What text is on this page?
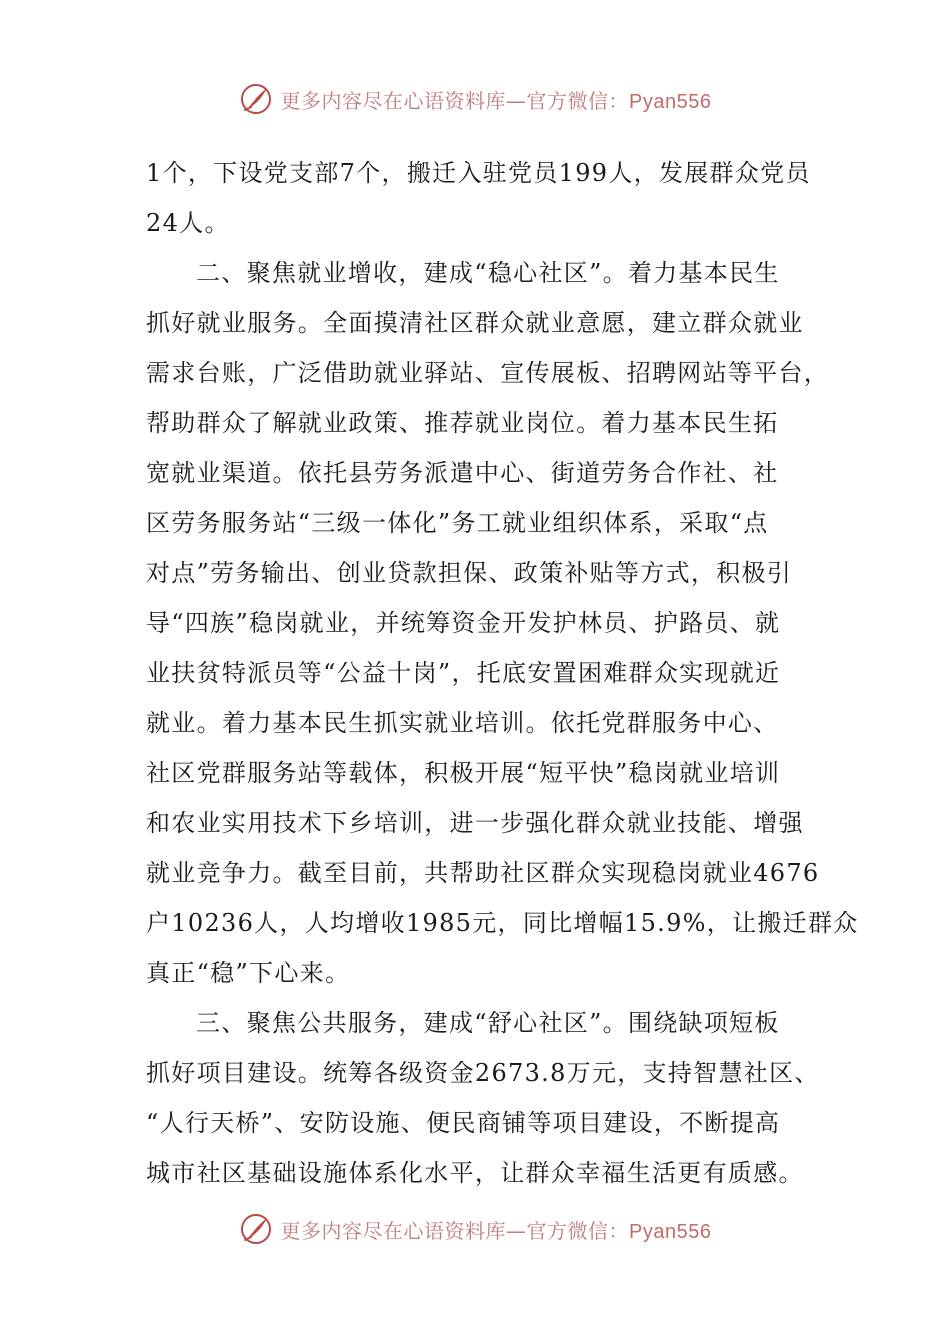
更多内容尽在心语资料库—官方微信：Pyan556
1个，下设党支部7个，搬迁入驻党员199人，发展群众党员
24人。
二、聚焦就业增收，建成“稳心社区”。着力基本民生
抓好就业服务。全面摸清社区群众就业意愿，建立群众就业
需求台账，广泛借助就业驿站、宣传展板、招聘网站等平台，
帮助群众了解就业政策、推荐就业岗位。着力基本民生拓
宽就业渠道。依托县劳务派遣中心、街道劳务合作社、社
区劳务服务站“三级一体化”务工就业组织体系，采取“点
对点”劳务输出、创业贷款担保、政策补贴等方式，积极引
导“四族”稳岗就业，并统筹资金开发护林员、护路员、就
业扶贫特派员等“公益十岗”，托底安置困难群众实现就近
就业。着力基本民生抓实就业培训。依托党群服务中心、
社区党群服务站等载体，积极开展“短平快”稳岗就业培训
和农业实用技术下乡培训，进一步强化群众就业技能、增强
就业竞争力。截至目前，共帮助社区群众实现稳岗就业4676
户10236人，人均增收1985元，同比增幅15.9%，让搬迁群众
真正“稳”下心来。
三、聚焦公共服务，建成“舒心社区”。围绕缺项短板
抓好项目建设。统筹各级资金2673.8万元，支持智慧社区、
“人行天桥”、安防设施、便民商铺等项目建设，不断提高
城市社区基础设施体系化水平，让群众幸福生活更有质感。
更多内容尽在心语资料库—官方微信：Pyan556
